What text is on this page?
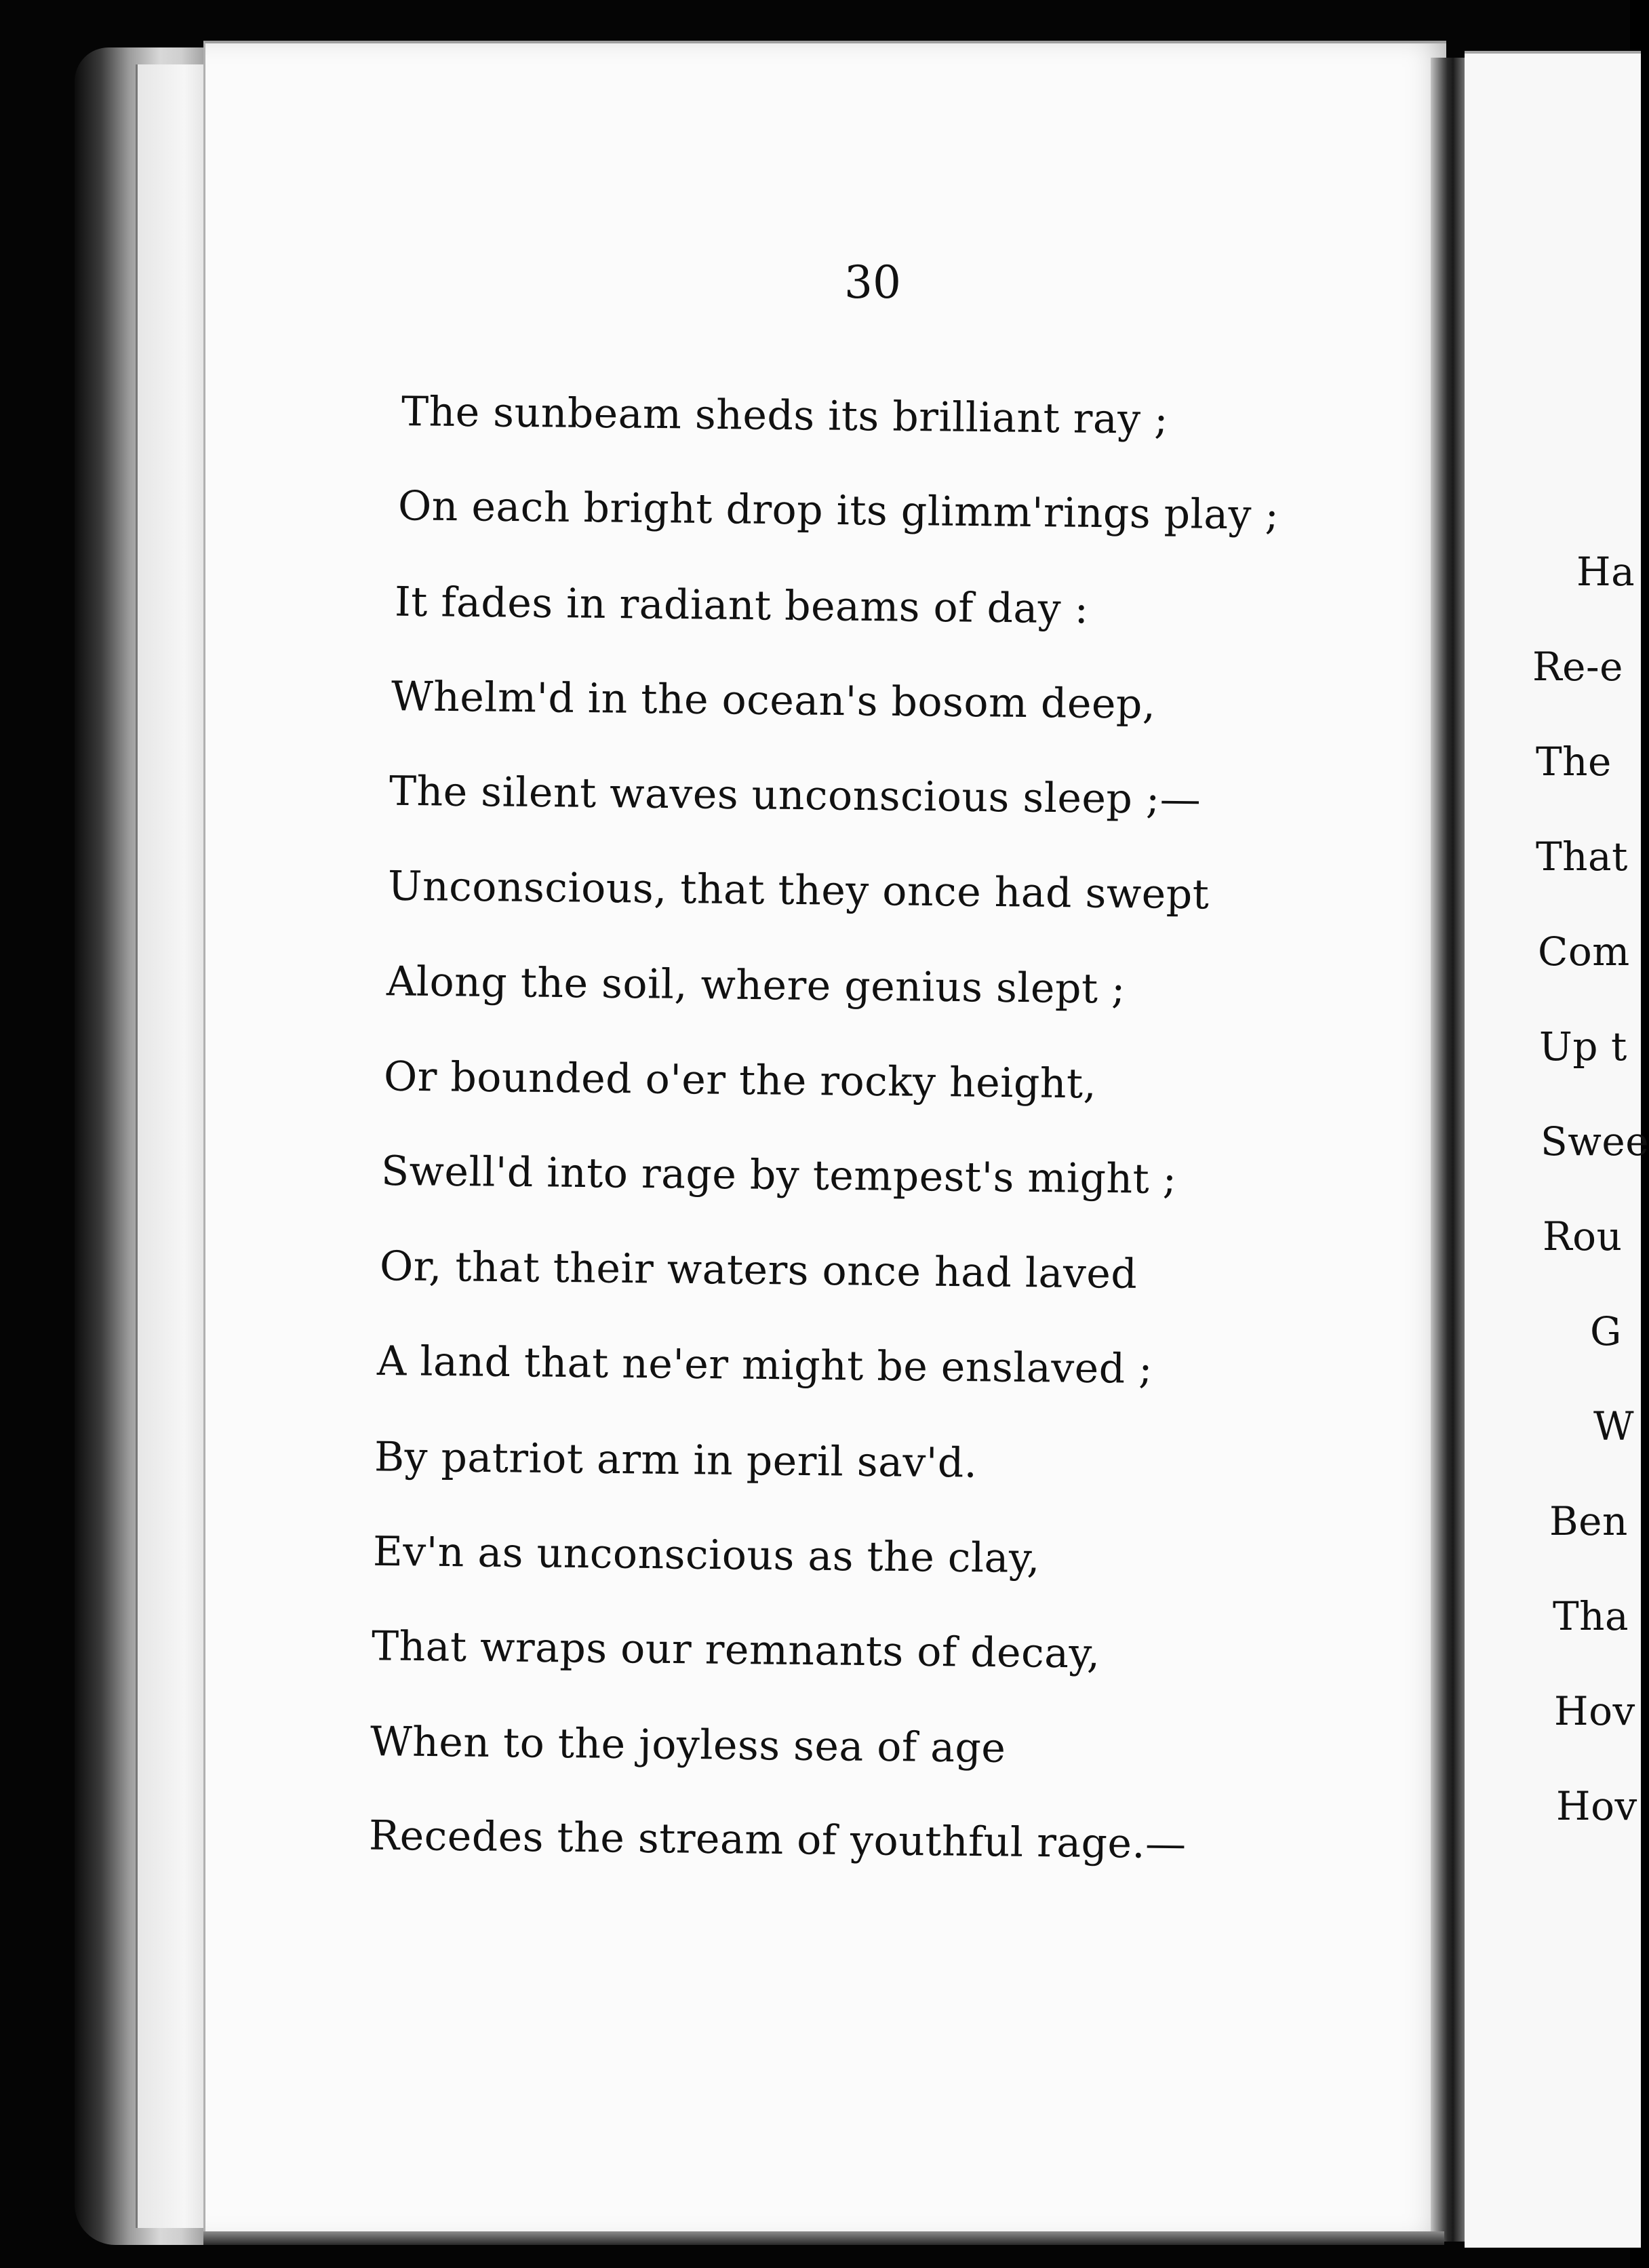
30
The sunbeam sheds its brilliant ray ;
On each bright drop its glimm'rings play ;
It fades in radiant beams of day :
Whelm'd in the ocean's bosom deep,
The silent waves unconscious sleep ;—
Unconscious, that they once had swept
Along the soil, where genius slept ;
Or bounded o'er the rocky height,
Swell'd into rage by tempest's might ;
Or, that their waters once had laved
A land that ne'er might be enslaved ;
By patriot arm in peril sav'd.
Ev'n as unconscious as the clay,
That wraps our remnants of decay,
When to the joyless sea of age
Recedes the stream of youthful rage.—
Ha
Re-e
The
That
Com
Up t
Swee
Rou
G
W
Ben
Tha
Hov
Hov
